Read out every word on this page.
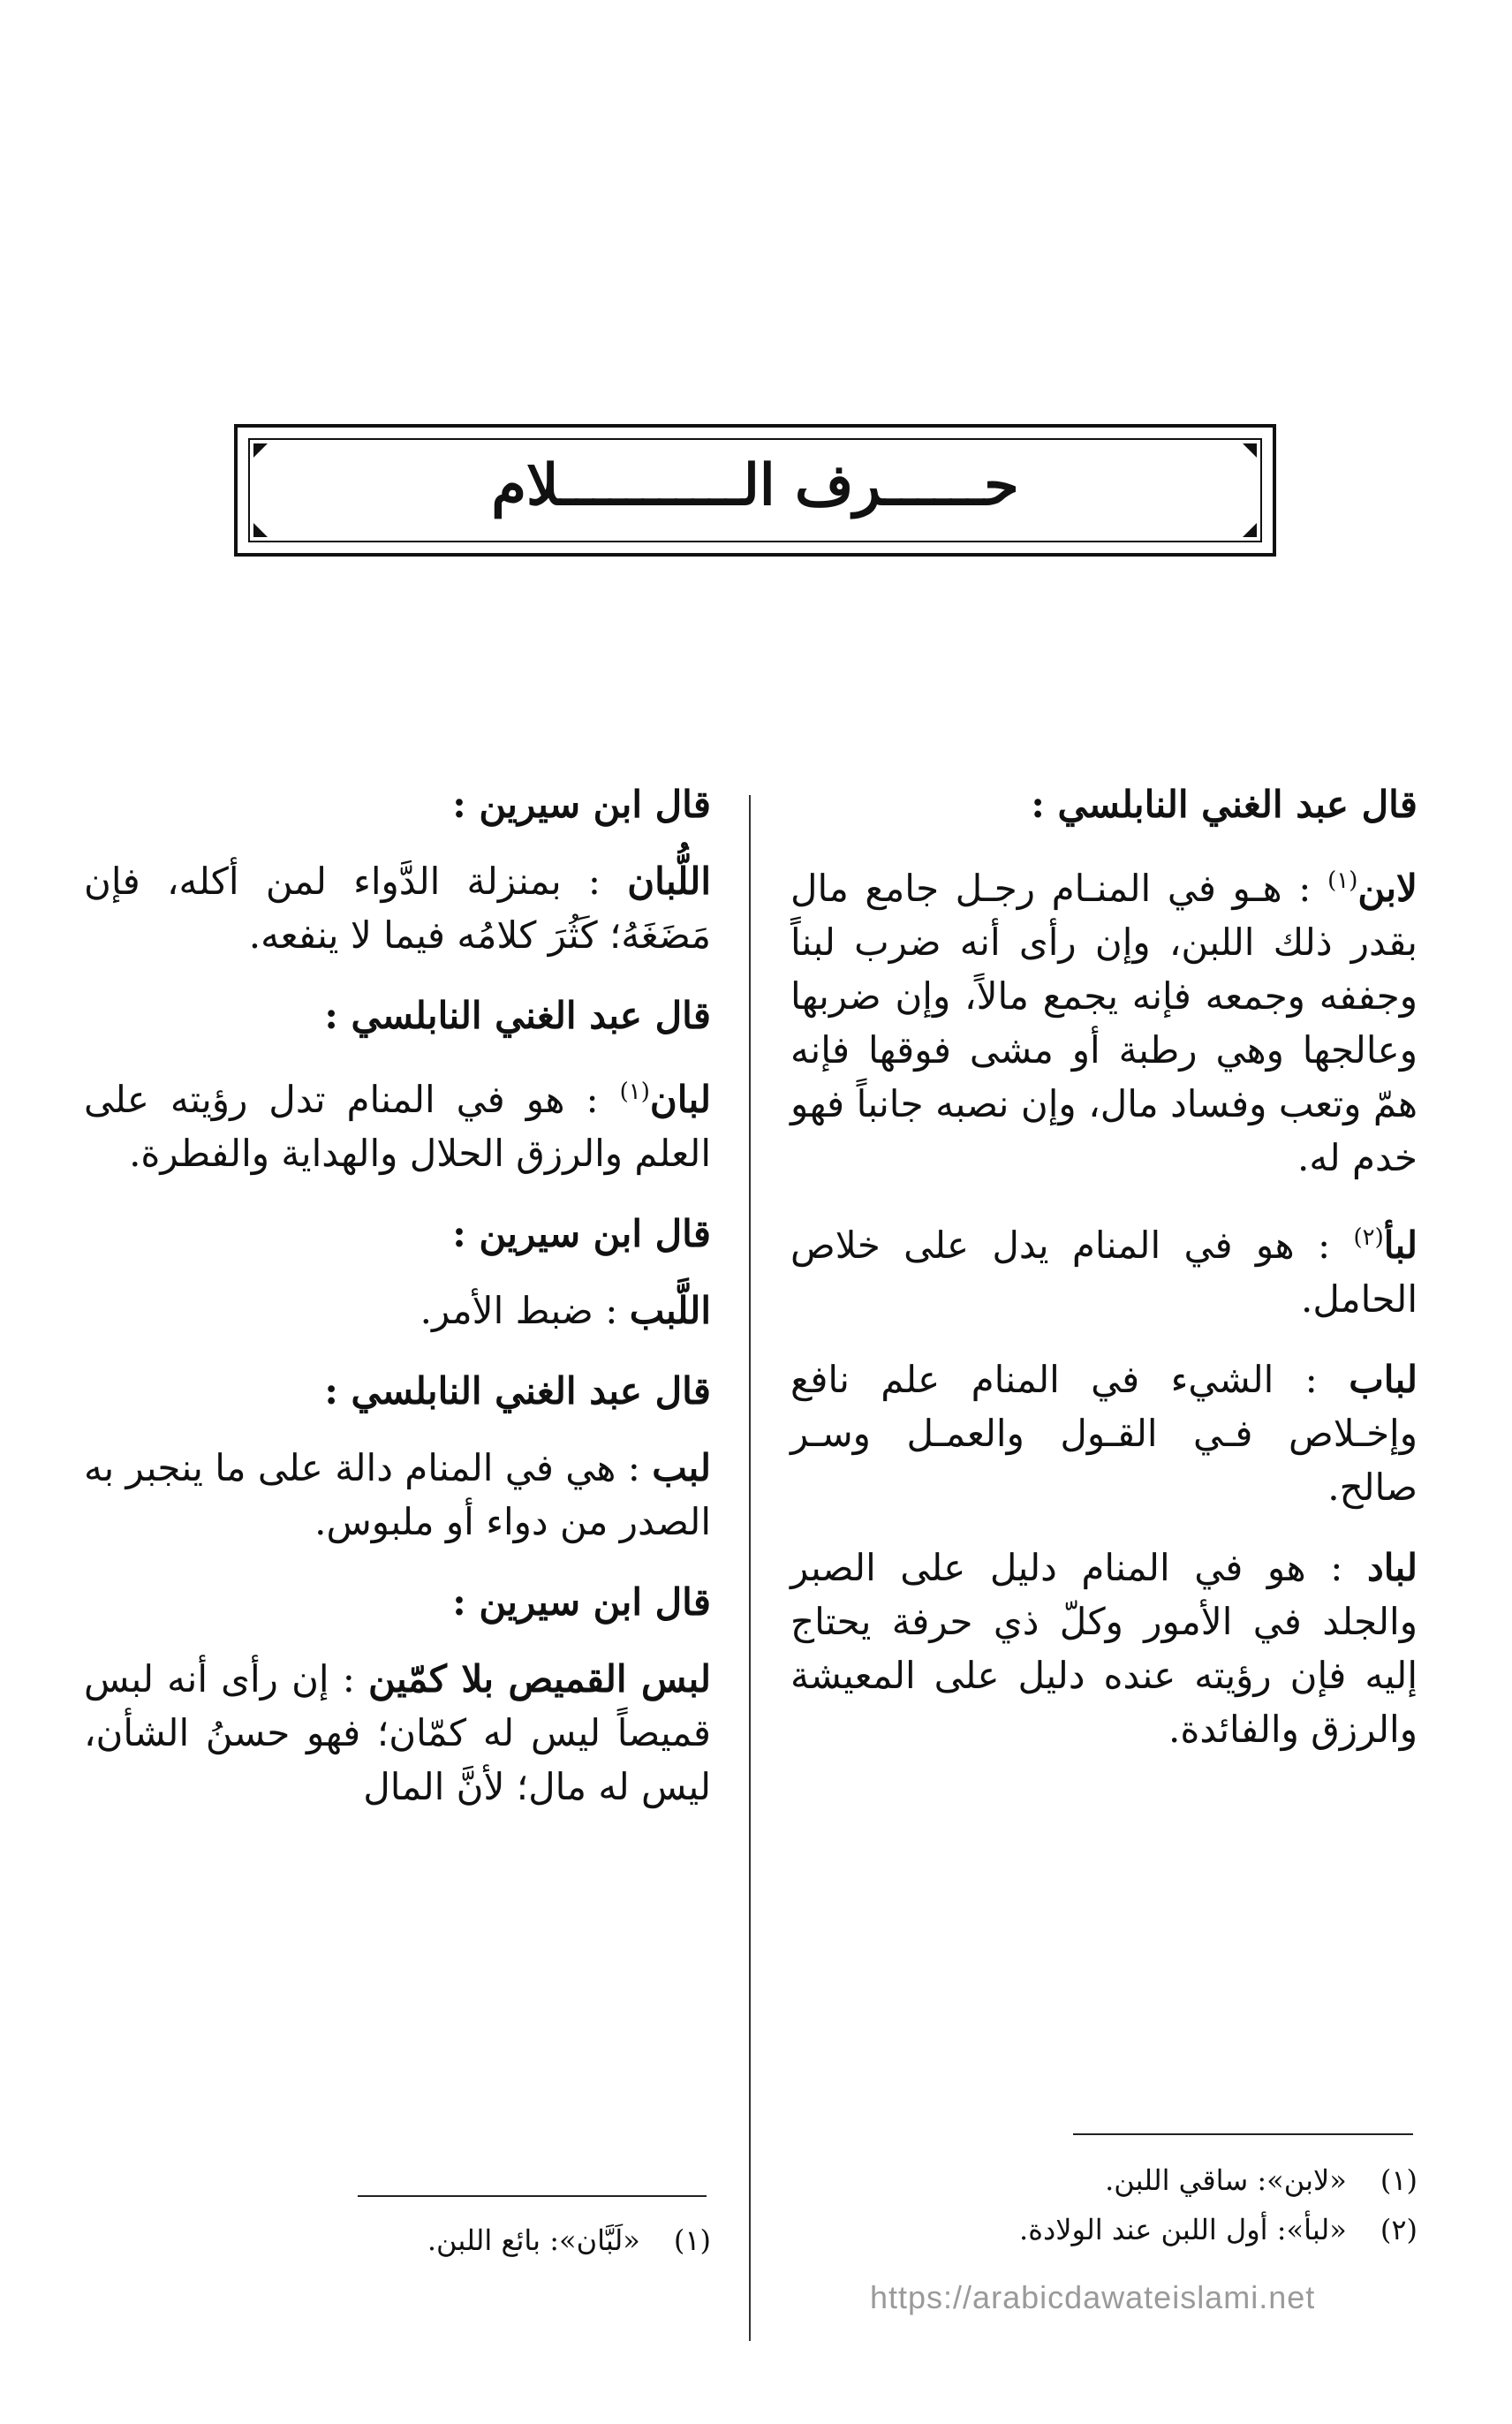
حــــــرف الـــــــــــلام

قال عبد الغني النابلسي :

لابن$^{(١)}$ : هـو في المنـام رجـل جامع مال بقدر ذلك اللبن، وإن رأى أنه ضرب لبناً وجففه وجمعه فإنه يجمع مالاً، وإن ضربها وعالجها وهي رطبة أو مشى فوقها فإنه همّ وتعب وفساد مال، وإن نصبه جانباً فهو خدم له.

لبأ$^{(٢)}$ : هو في المنام يدل على خلاص الحامل.

لباب : الشيء في المنام علم نافع وإخـلاص فـي القـول والعمـل وسـر صالح.

لباد : هو في المنام دليل على الصبر والجلد في الأمور وكلّ ذي حرفة يحتاج إليه فإن رؤيته عنده دليل على المعيشة والرزق والفائدة.

قال ابن سيرين :

اللُّبان : بمنزلة الدَّواء لمن أكله، فإن مَضَغَهُ؛ كَثُرَ كلامُه فيما لا ينفعه.

قال عبد الغني النابلسي :

لبان$^{(١)}$ : هو في المنام تدل رؤيته على العلم والرزق الحلال والهداية والفطرة.

قال ابن سيرين :

اللَّبب : ضبط الأمر.

قال عبد الغني النابلسي :

لبب : هي في المنام دالة على ما ينجبر به الصدر من دواء أو ملبوس.

قال ابن سيرين :

لبس القميص بلا كمّين : إن رأى أنه لبس قميصاً ليس له كمّان؛ فهو حسنُ الشأن، ليس له مال؛ لأنَّ المال

(١) «لابن»: ساقي اللبن.
(٢) «لبأ»: أول اللبن عند الولادة.
(١) «لَبَّان»: بائع اللبن.
https://arabicdawateislami.net
